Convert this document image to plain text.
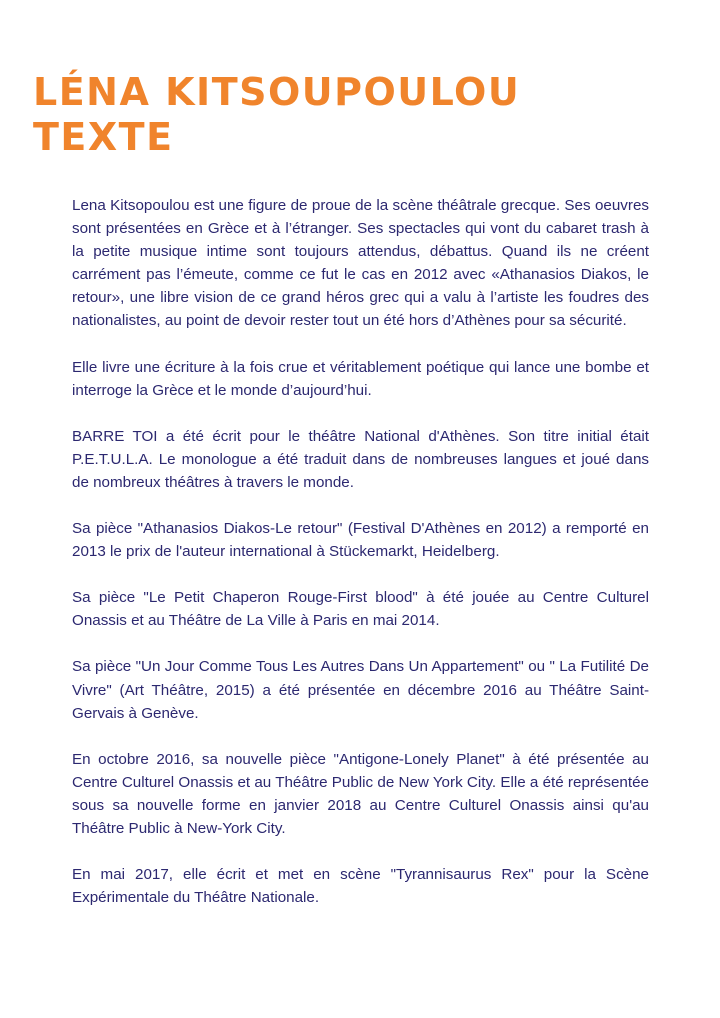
LÉNA KITSOUPOULOU
TEXTE

Lena Kitsopoulou est une figure de proue de la scène théâtrale grecque. Ses oeuvres sont présentées en Grèce et à l’étranger. Ses spectacles qui vont du cabaret trash à la petite musique intime sont toujours attendus, débattus. Quand ils ne créent carrément pas l’émeute, comme ce fut le cas en 2012 avec «Athanasios Diakos, le retour», une libre vision de ce grand héros grec qui a valu à l’artiste les foudres des nationalistes, au point de devoir rester tout un été hors d’Athènes pour sa sécurité.

Elle livre une écriture à la fois crue et véritablement poétique qui lance une bombe et interroge la Grèce et le monde d’aujourd’hui.

BARRE TOI a été écrit pour le théâtre National d'Athènes. Son titre initial était P.E.T.U.L.A. Le monologue a été traduit dans de nombreuses langues et joué dans de nombreux théâtres à travers le monde.

Sa pièce "Athanasios Diakos-Le retour" (Festival D'Athènes en 2012) a remporté en 2013 le prix de l'auteur international à Stückemarkt, Heidelberg.

Sa pièce "Le Petit Chaperon Rouge-First blood" à été jouée au Centre Culturel Onassis et au Théâtre de La Ville à Paris en mai 2014.

Sa pièce "Un Jour Comme Tous Les Autres Dans Un Appartement" ou " La Futilité De Vivre" (Art Théâtre, 2015) a été présentée en décembre 2016 au Théâtre Saint-Gervais à Genève.

En octobre 2016, sa nouvelle pièce "Antigone-Lonely Planet" à été présentée au Centre Culturel Onassis et au Théâtre Public de New York City. Elle a été représentée sous sa nouvelle forme en janvier 2018 au Centre Culturel Onassis ainsi qu'au Théâtre Public à New-York City.

En mai 2017, elle écrit et met en scène "Tyrannisaurus Rex" pour la Scène Expérimentale du Théâtre Nationale.
